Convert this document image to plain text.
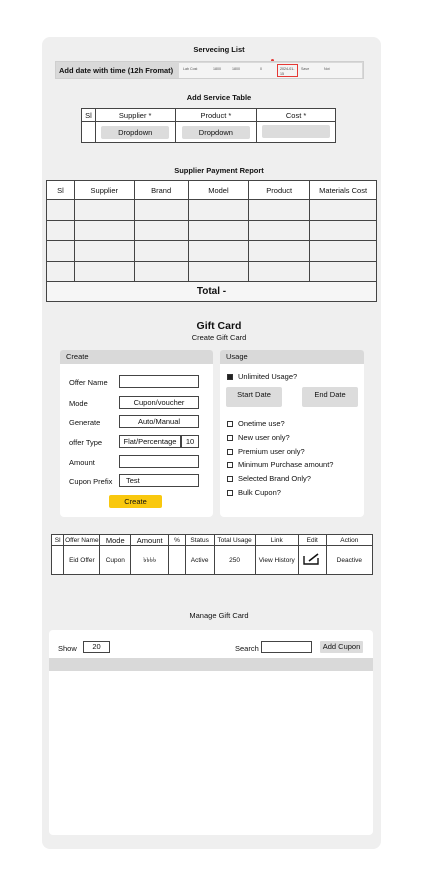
Servecing List
Add date with time (12h Fromat)	Lab Cost	1800	1800	0	2024-01-15
Save	Not
Add Service Table
Sl	Supplier *	Product *	Cost *
	Dropdown	Dropdown	
Supplier Payment Report
Sl	Supplier	Brand	Model	Product	Materials Cost

Total -					
Gift Card
Create Gift Card
Create
Offer Name
Mode	Cupon/voucher
Generate	Auto/Manual
offer Type	Flat/Percentage	10
Amount
Cupon Prefix	Test
Create
Usage
Unlimited Usage?
Start Date	End Date
Onetime use?
New user only?
Premium user only?
Minimum Purchase amount?
Selected Brand Only?
Bulk Cupon?
Sl	Offer Name	Mode	Amount	%	Status	Total Usage	Link	Edit	Action
	Eid Offer	Cupon	৳৳৳৳		Active	250	View History		Deactive
Manage Gift Card
Show	20	Search	Add Cupon
